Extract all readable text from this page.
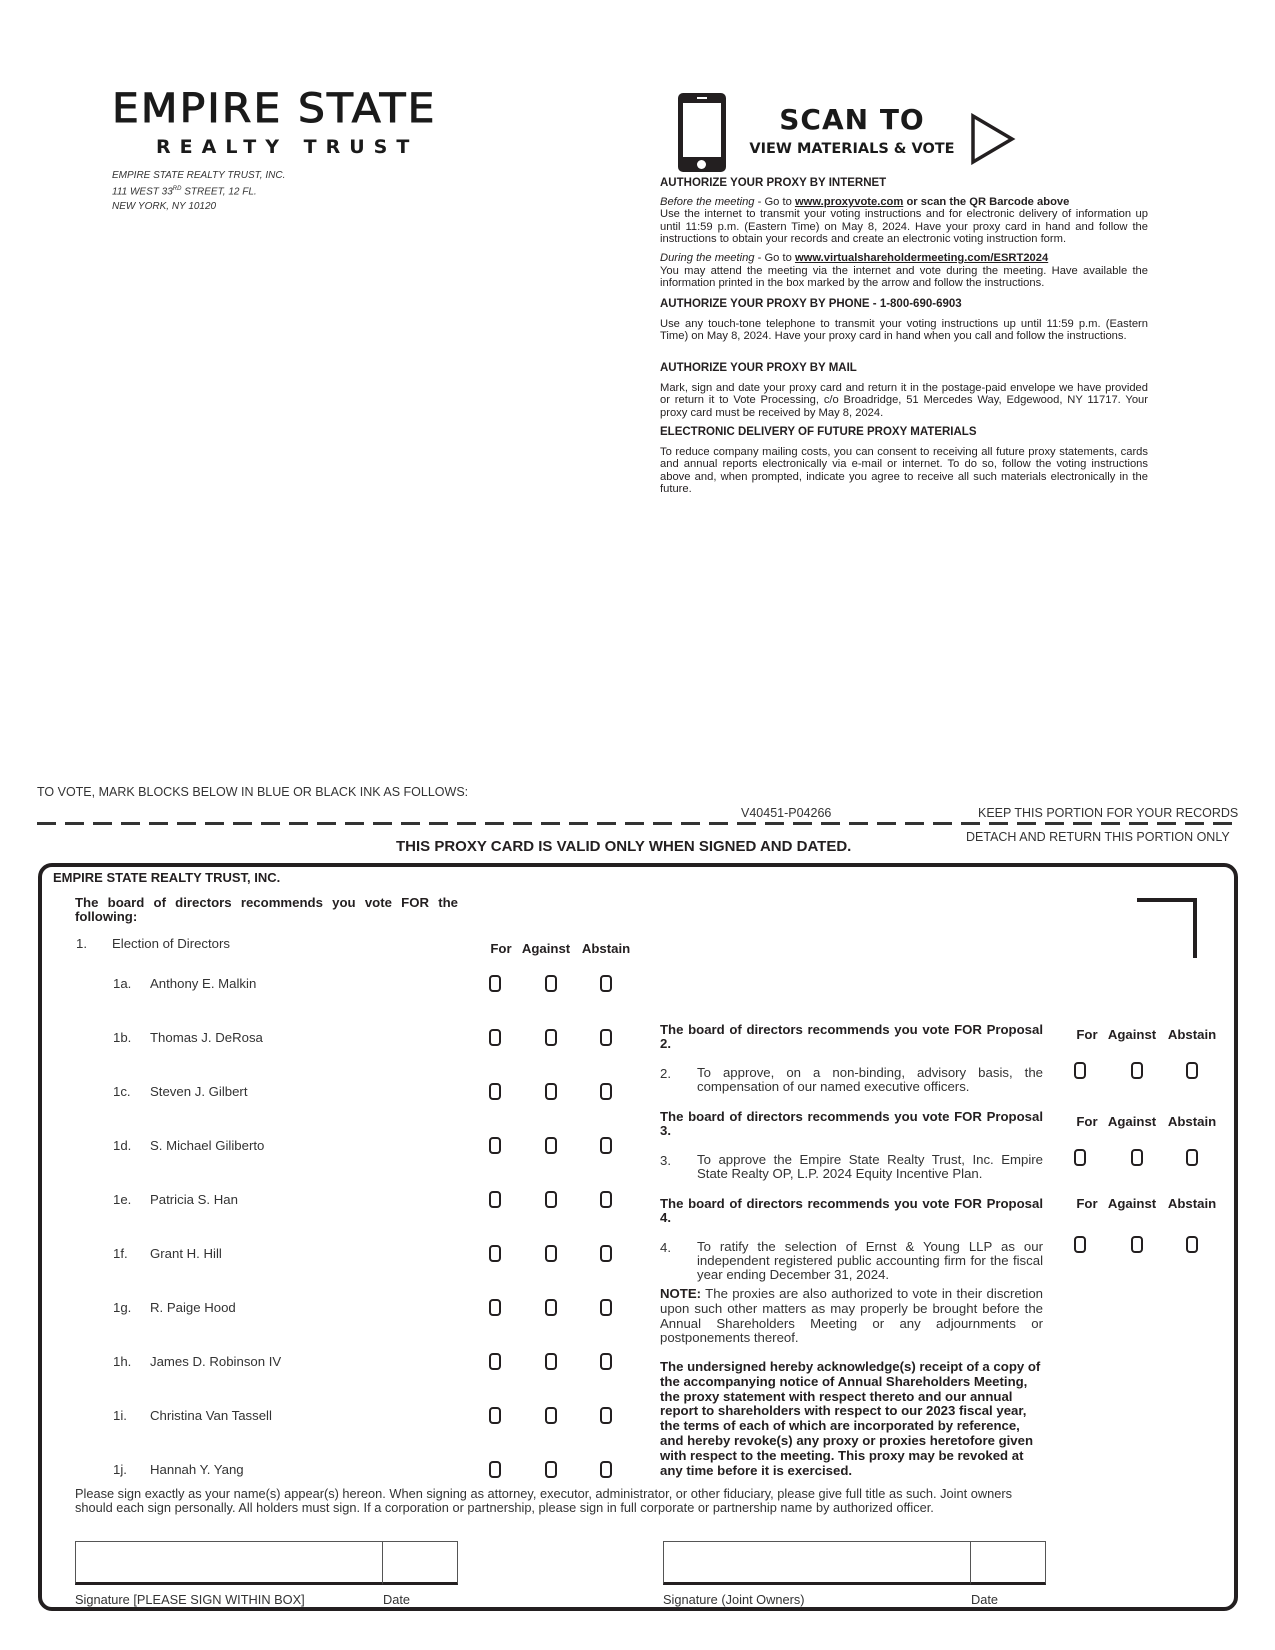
EMPIRE STATE
REALTY TRUST
EMPIRE STATE REALTY TRUST, INC.
111 WEST 33RD STREET, 12 FL.
NEW YORK, NY 10120
SCAN TO
VIEW MATERIALS & VOTE
AUTHORIZE YOUR PROXY BY INTERNET

Before the meeting - Go to www.proxyvote.com or scan the QR Barcode above

Use the internet to transmit your voting instructions and for electronic delivery of information up until 11:59 p.m. (Eastern Time) on May 8, 2024. Have your proxy card in hand and follow the instructions to obtain your records and create an electronic voting instruction form.

During the meeting - Go to www.virtualshareholdermeeting.com/ESRT2024

You may attend the meeting via the internet and vote during the meeting. Have available the information printed in the box marked by the arrow and follow the instructions.

AUTHORIZE YOUR PROXY BY PHONE - 1-800-690-6903

Use any touch-tone telephone to transmit your voting instructions up until 11:59 p.m. (Eastern Time) on May 8, 2024. Have your proxy card in hand when you call and follow the instructions.

AUTHORIZE YOUR PROXY BY MAIL

Mark, sign and date your proxy card and return it in the postage-paid envelope we have provided or return it to Vote Processing, c/o Broadridge, 51 Mercedes Way, Edgewood, NY 11717. Your proxy card must be received by May 8, 2024.

ELECTRONIC DELIVERY OF FUTURE PROXY MATERIALS

To reduce company mailing costs, you can consent to receiving all future proxy statements, cards and annual reports electronically via e-mail or internet. To do so, follow the voting instructions above and, when prompted, indicate you agree to receive all such materials electronically in the future.

TO VOTE, MARK BLOCKS BELOW IN BLUE OR BLACK INK AS FOLLOWS:
V40451-P04266	KEEP THIS PORTION FOR YOUR RECORDS
DETACH AND RETURN THIS PORTION ONLY
THIS PROXY CARD IS VALID ONLY WHEN SIGNED AND DATED.
EMPIRE STATE REALTY TRUST, INC.
The board of directors recommends you vote FOR the following:
1. Election of Directors	For Against Abstain
1a. Anthony E. Malkin
1b. Thomas J. DeRosa
1c. Steven J. Gilbert
1d. S. Michael Giliberto
1e. Patricia S. Han
1f. Grant H. Hill
1g. R. Paige Hood
1h. James D. Robinson IV
1i. Christina Van Tassell
1j. Hannah Y. Yang
The board of directors recommends you vote FOR Proposal 2.
2. To approve, on a non-binding, advisory basis, the compensation of our named executive officers.
The board of directors recommends you vote FOR Proposal 3.
3. To approve the Empire State Realty Trust, Inc. Empire State Realty OP, L.P. 2024 Equity Incentive Plan.
The board of directors recommends you vote FOR Proposal 4.
4. To ratify the selection of Ernst & Young LLP as our independent registered public accounting firm for the fiscal year ending December 31, 2024.
For Against Abstain
For Against Abstain
For Against Abstain
NOTE: The proxies are also authorized to vote in their discretion upon such other matters as may properly be brought before the Annual Shareholders Meeting or any adjournments or postponements thereof.
The undersigned hereby acknowledge(s) receipt of a copy of the accompanying notice of Annual Shareholders Meeting, the proxy statement with respect thereto and our annual report to shareholders with respect to our 2023 fiscal year, the terms of each of which are incorporated by reference, and hereby revoke(s) any proxy or proxies heretofore given with respect to the meeting. This proxy may be revoked at any time before it is exercised.
Please sign exactly as your name(s) appear(s) hereon. When signing as attorney, executor, administrator, or other fiduciary, please give full title as such. Joint owners should each sign personally. All holders must sign. If a corporation or partnership, please sign in full corporate or partnership name by authorized officer.
Signature [PLEASE SIGN WITHIN BOX]	Date	Signature (Joint Owners)	Date
